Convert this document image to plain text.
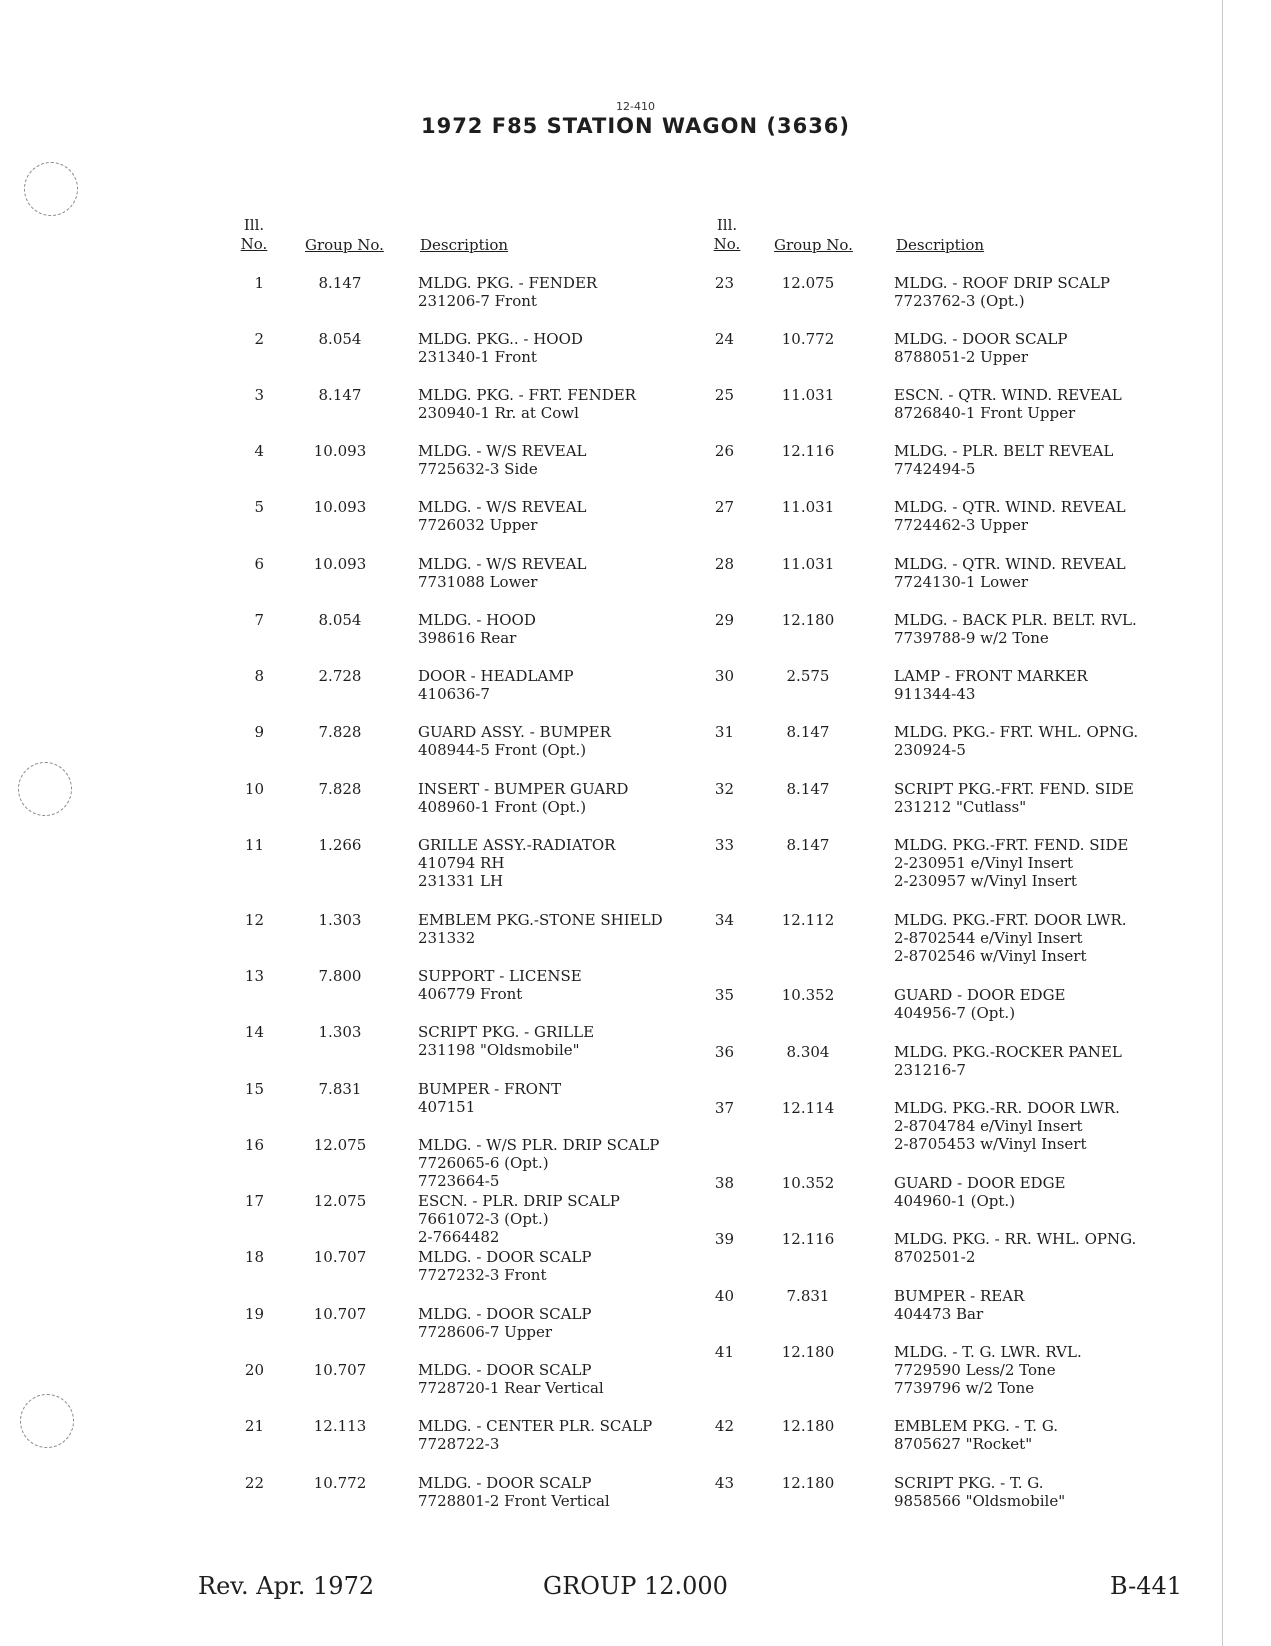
12-410
1972 F85 STATION WAGON (3636)
Ill.
No.	Group No. Description
Ill.
No.	Group No.	Description
1	8.147	MLDG. PKG. - FENDER
231206-7 Front
2	8.054	MLDG. PKG.. - HOOD
231340-1 Front
3	8.147	MLDG. PKG. - FRT. FENDER
230940-1 Rr. at Cowl
4	10.093	MLDG. - W/S REVEAL
7725632-3 Side
5	10.093	MLDG. - W/S REVEAL
7726032 Upper
6	10.093	MLDG. - W/S REVEAL
7731088 Lower
7	8.054	MLDG. - HOOD
398616 Rear
8	2.728	DOOR - HEADLAMP
410636-7
9	7.828	GUARD ASSY. - BUMPER
408944-5 Front (Opt.)
10	7.828	INSERT - BUMPER GUARD
408960-1 Front (Opt.)
11	1.266	GRILLE ASSY.-RADIATOR
410794 RH
231331 LH
12	1.303	EMBLEM PKG.-STONE SHIELD
231332
13	7.800	SUPPORT - LICENSE
406779 Front
14	1.303	SCRIPT PKG. - GRILLE
231198 "Oldsmobile"
15	7.831	BUMPER - FRONT
407151
16	12.075	MLDG. - W/S PLR. DRIP SCALP
7726065-6 (Opt.)
7723664-5
17	12.075	ESCN. - PLR. DRIP SCALP
7661072-3 (Opt.)
2-7664482
18	10.707	MLDG. - DOOR SCALP
7727232-3 Front
19	10.707	MLDG. - DOOR SCALP
7728606-7 Upper
20	10.707	MLDG. - DOOR SCALP
7728720-1 Rear Vertical
21	12.113	MLDG. - CENTER PLR. SCALP
7728722-3
22	10.772	MLDG. - DOOR SCALP
7728801-2 Front Vertical
23	12.075	MLDG. - ROOF DRIP SCALP
7723762-3 (Opt.)
24	10.772	MLDG. - DOOR SCALP
8788051-2 Upper
25	11.031	ESCN. - QTR. WIND. REVEAL
8726840-1 Front Upper
26	12.116	MLDG. - PLR. BELT REVEAL
7742494-5
27	11.031	MLDG. - QTR. WIND. REVEAL
7724462-3 Upper
28	11.031	MLDG. - QTR. WIND. REVEAL
7724130-1 Lower
29	12.180	MLDG. - BACK PLR. BELT. RVL.
7739788-9 w/2 Tone
30	2.575	LAMP - FRONT MARKER
911344-43
31	8.147	MLDG. PKG.- FRT. WHL. OPNG.
230924-5
32	8.147	SCRIPT PKG.-FRT. FEND. SIDE
231212 "Cutlass"
33	8.147	MLDG. PKG.-FRT. FEND. SIDE
2-230951 e/Vinyl Insert
2-230957 w/Vinyl Insert
34	12.112	MLDG. PKG.-FRT. DOOR LWR.
2-8702544 e/Vinyl Insert
2-8702546 w/Vinyl Insert
35	10.352	GUARD - DOOR EDGE
404956-7 (Opt.)
36	8.304	MLDG. PKG.-ROCKER PANEL
231216-7
37	12.114	MLDG. PKG.-RR. DOOR LWR.
2-8704784 e/Vinyl Insert
2-8705453 w/Vinyl Insert
38	10.352	GUARD - DOOR EDGE
404960-1 (Opt.)
39	12.116	MLDG. PKG. - RR. WHL. OPNG.
8702501-2
40	7.831	BUMPER - REAR
404473 Bar
41	12.180	MLDG. - T. G. LWR. RVL.
7729590 Less/2 Tone
7739796 w/2 Tone
42	12.180	EMBLEM PKG. - T. G.
8705627 "Rocket"
43	12.180	SCRIPT PKG. - T. G.
9858566 "Oldsmobile"
Rev. Apr. 1972	GROUP 12.000	B-441
